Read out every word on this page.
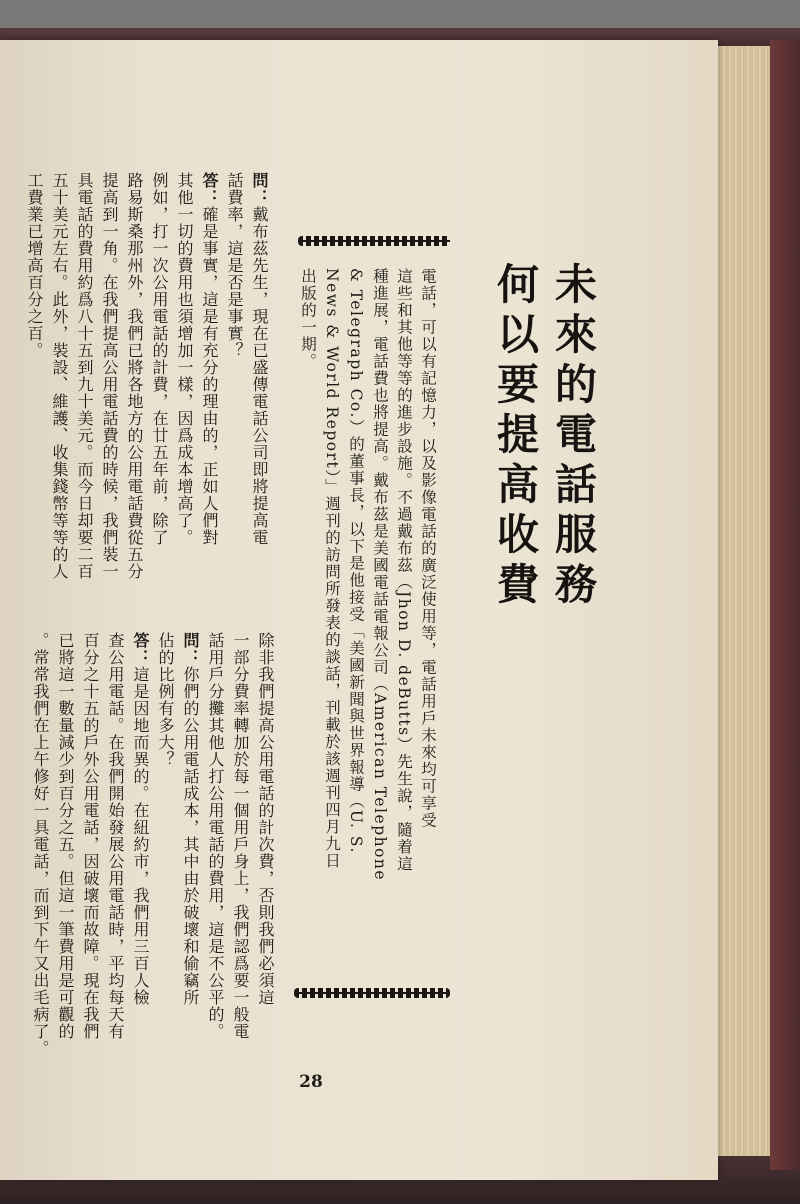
未來的電話服務
何以要提高收費
電話，可以有記憶力，以及影像電話的廣泛使用等，電話用戶未來均可享受
這些和其他等等的進步設施。不過戴布茲（Jhon D. deButts）先生說，隨着這
種進展，電話費也將提高。戴布茲是美國電話電報公司（American Telephone
& Telegraph Co.）的董事長，以下是他接受「美國新聞與世界報導（U. S.
News & World Report）」週刊的訪問所發表的談話，刊載於該週刊四月九日
出版的一期。
問：戴布茲先生，現在已盛傳電話公司即將提高電
話費率，這是否是事實？
答：確是事實，這是有充分的理由的，正如人們對
其他一切的費用也須增加一樣，因爲成本增高了。
例如，打一次公用電話的計費，在廿五年前，除了
路易斯桑那州外，我們已將各地方的公用電話費從五分
提高到一角。在我們提高公用電話費的時候，我們裝一
具電話的費用約爲八十五到九十美元。而今日却要二百
五十美元左右。此外，裝設、維護、收集錢幣等等的人
工費業已增高百分之百。
除非我們提高公用電話的計次費，否則我們必須這
一部分費率轉加於每一個用戶身上，我們認爲要一般電
話用戶分攤其他人打公用電話的費用，這是不公平的。
問：你們的公用電話成本，其中由於破壞和偷竊所
佔的比例有多大？
答：這是因地而異的。在紐約市，我們用三百人檢
查公用電話。在我們開始發展公用電話時，平均每天有
百分之十五的戶外公用電話，因破壞而故障。現在我們
已將這一數量減少到百分之五。但這一筆費用是可觀的
。常常我們在上午修好一具電話，而到下午又出毛病了。
28
